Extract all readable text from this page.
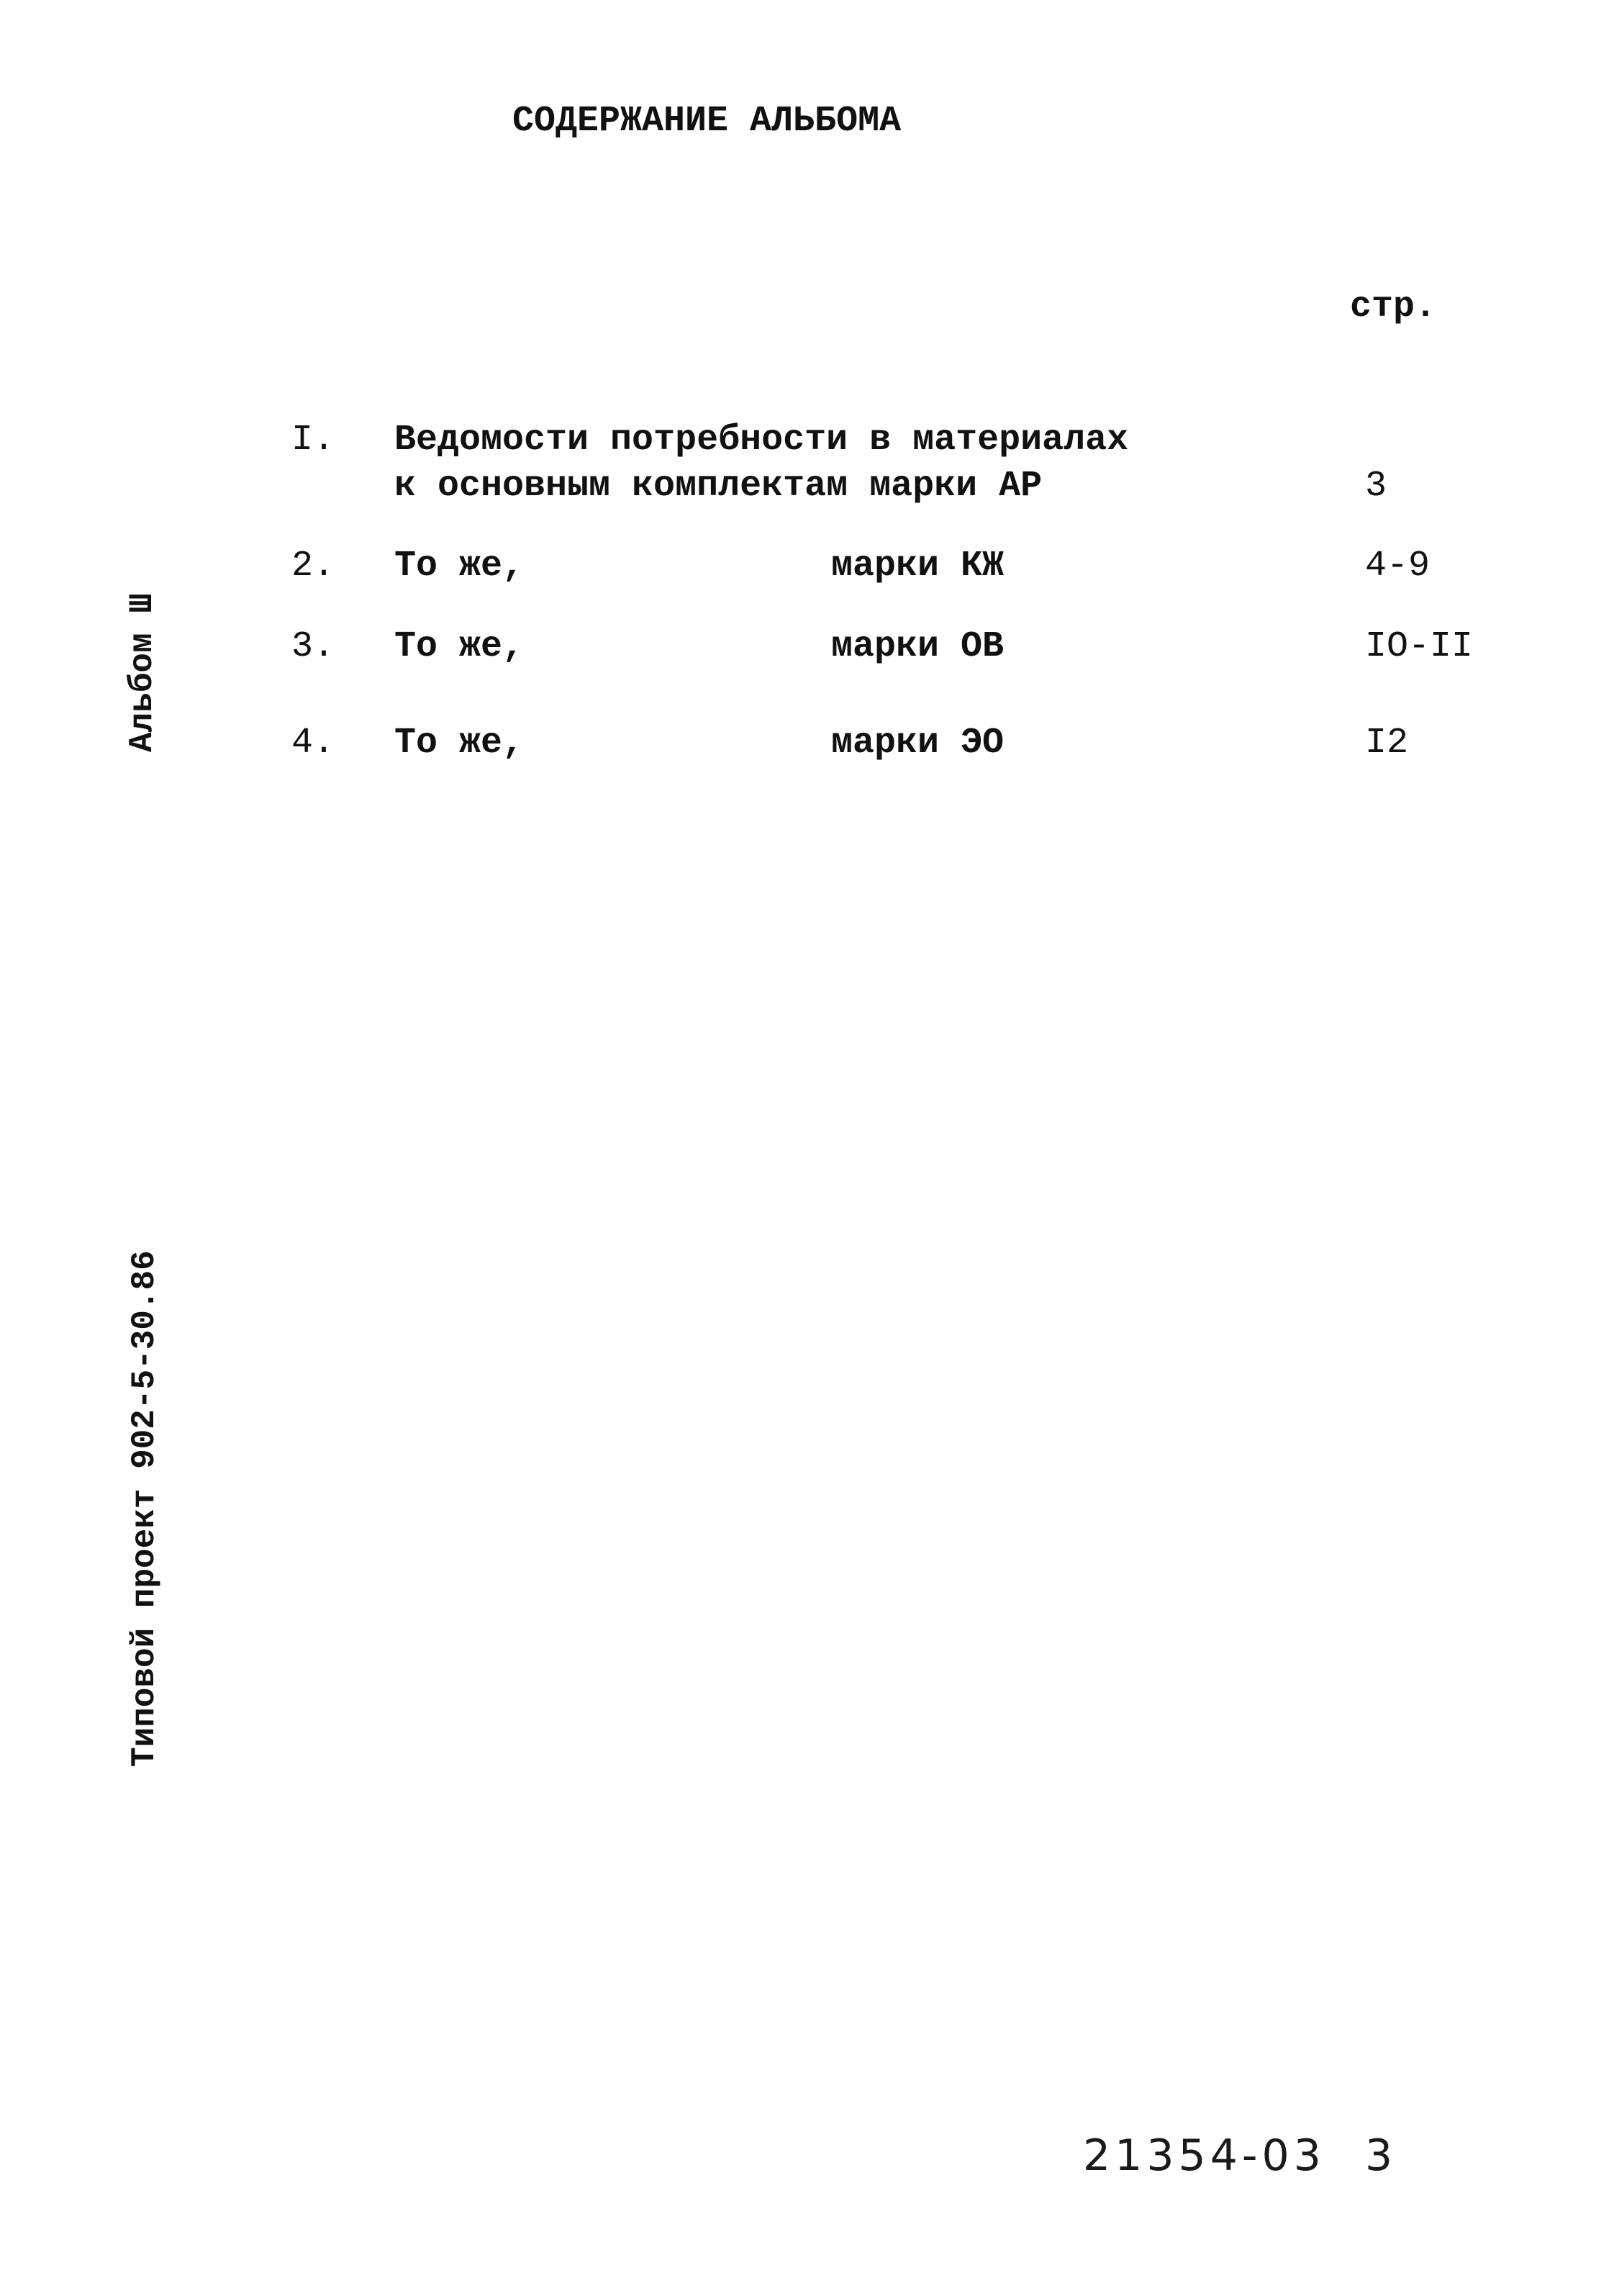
СОДЕРЖАНИЕ АЛЬБОМА
стр.
I. Ведомости потребности в материалах
к основным комплектам марки АР	3
2. То же,	марки КЖ	4-9
3. То же,	марки ОВ	IO-II
4. То же,	марки ЭО	I2
Альбом Ш
Типовой проект 902-5-30.86
21354-03 3
